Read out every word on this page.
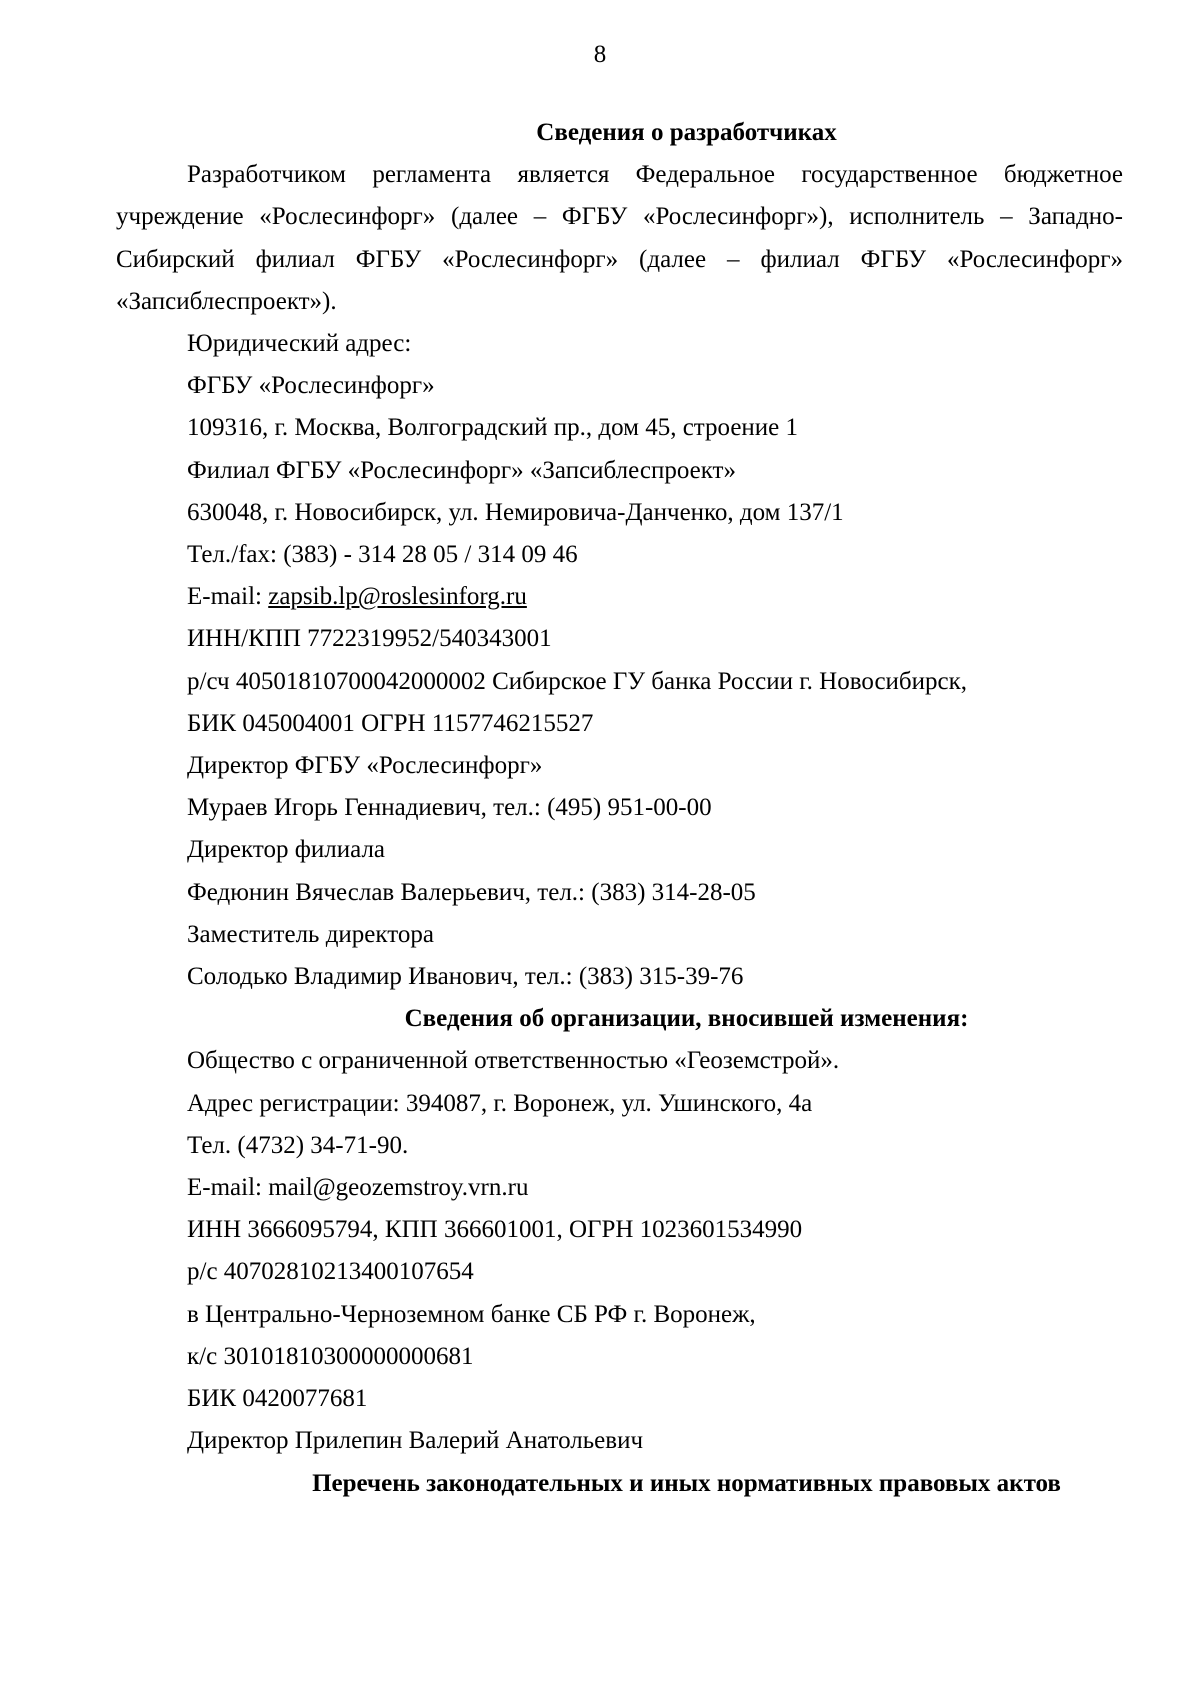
8

Сведения о разработчиках

Разработчиком регламента является Федеральное государственное бюджетное учреждение «Рослесинфорг» (далее – ФГБУ «Рослесинфорг»), исполнитель – Западно-Сибирский филиал ФГБУ «Рослесинфорг» (далее – филиал ФГБУ «Рослесинфорг» «Запсиблеспроект»).

Юридический адрес:

ФГБУ «Рослесинфорг»

109316, г. Москва, Волгоградский пр., дом 45, строение 1

Филиал ФГБУ «Рослесинфорг» «Запсиблеспроект»

630048, г. Новосибирск, ул. Немировича-Данченко, дом 137/1

Тел./fax: (383) - 314 28 05 / 314 09 46

E-mail: zapsib.lp@roslesinforg.ru

ИНН/КПП 7722319952/540343001

р/сч 40501810700042000002 Сибирское ГУ банка России г. Новосибирск,

БИК 045004001 ОГРН 1157746215527

Директор ФГБУ «Рослесинфорг»

Мураев Игорь Геннадиевич, тел.: (495) 951-00-00

Директор филиала

Федюнин Вячеслав Валерьевич, тел.: (383) 314-28-05

Заместитель директора

Солодько Владимир Иванович, тел.: (383) 315-39-76

Сведения об организации, вносившей изменения:

Общество с ограниченной ответственностью «Геоземстрой».

Адрес регистрации: 394087, г. Воронеж, ул. Ушинского, 4а

Тел. (4732) 34-71-90.

E-mail: mail@geozemstroy.vrn.ru

ИНН 3666095794, КПП 366601001, ОГРН 1023601534990

р/с 40702810213400107654

в Центрально-Черноземном банке СБ РФ г. Воронеж,

к/с 30101810300000000681

БИК 0420077681

Директор Прилепин Валерий Анатольевич

Перечень законодательных и иных нормативных правовых актов
